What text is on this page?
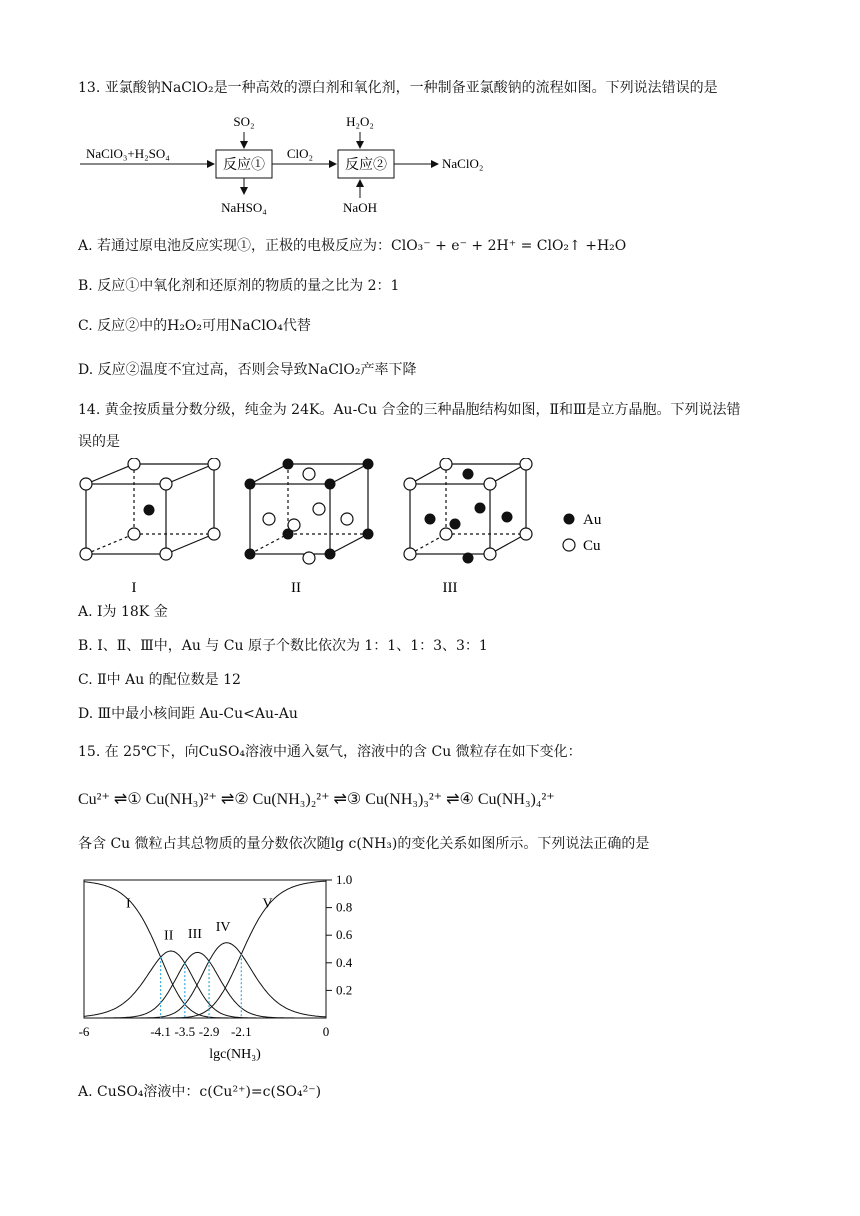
13. 亚氯酸钠NaClO₂是一种高效的漂白剂和氧化剂，一种制备亚氯酸钠的流程如图。下列说法错误的是
NaClO₃+H₂SO₄
反应①
SO₂
NaHSO₄
ClO₂
反应②
H₂O₂
NaOH
NaClO₂
A. 若通过原电池反应实现①，正极的电极反应为：ClO₃⁻ + e⁻ + 2H⁺ = ClO₂↑ +H₂O
B. 反应①中氧化剂和还原剂的物质的量之比为 2：1
C. 反应②中的H₂O₂可用NaClO₄代替
D. 反应②温度不宜过高，否则会导致NaClO₂产率下降
14. 黄金按质量分数分级，纯金为 24K。Au-Cu 合金的三种晶胞结构如图，Ⅱ和Ⅲ是立方晶胞。下列说法错
误的是
I	II	III
Au
Cu
A. Ⅰ为 18K 金
B. Ⅰ、Ⅱ、Ⅲ中，Au 与 Cu 原子个数比依次为 1：1、1：3、3：1
C. Ⅱ中 Au 的配位数是 12
D. Ⅲ中最小核间距 Au-Cu<Au-Au
15. 在 25℃下，向CuSO₄溶液中通入氨气，溶液中的含 Cu 微粒存在如下变化：
Cu²⁺ ⇌① Cu(NH₃)²⁺ ⇌② Cu(NH₃)₂²⁺ ⇌③ Cu(NH₃)₃²⁺ ⇌④ Cu(NH₃)₄²⁺
各含 Cu 微粒占其总物质的量分数依次随lg c(NH₃)的变化关系如图所示。下列说法正确的是
I
II III IV
V
1.0
0.8
0.6
0.4
0.2
-6	-4.1 -3.5 -2.9 -2.1	0
lgc(NH₃)
A. CuSO₄溶液中：c(Cu²⁺)=c(SO₄²⁻)
